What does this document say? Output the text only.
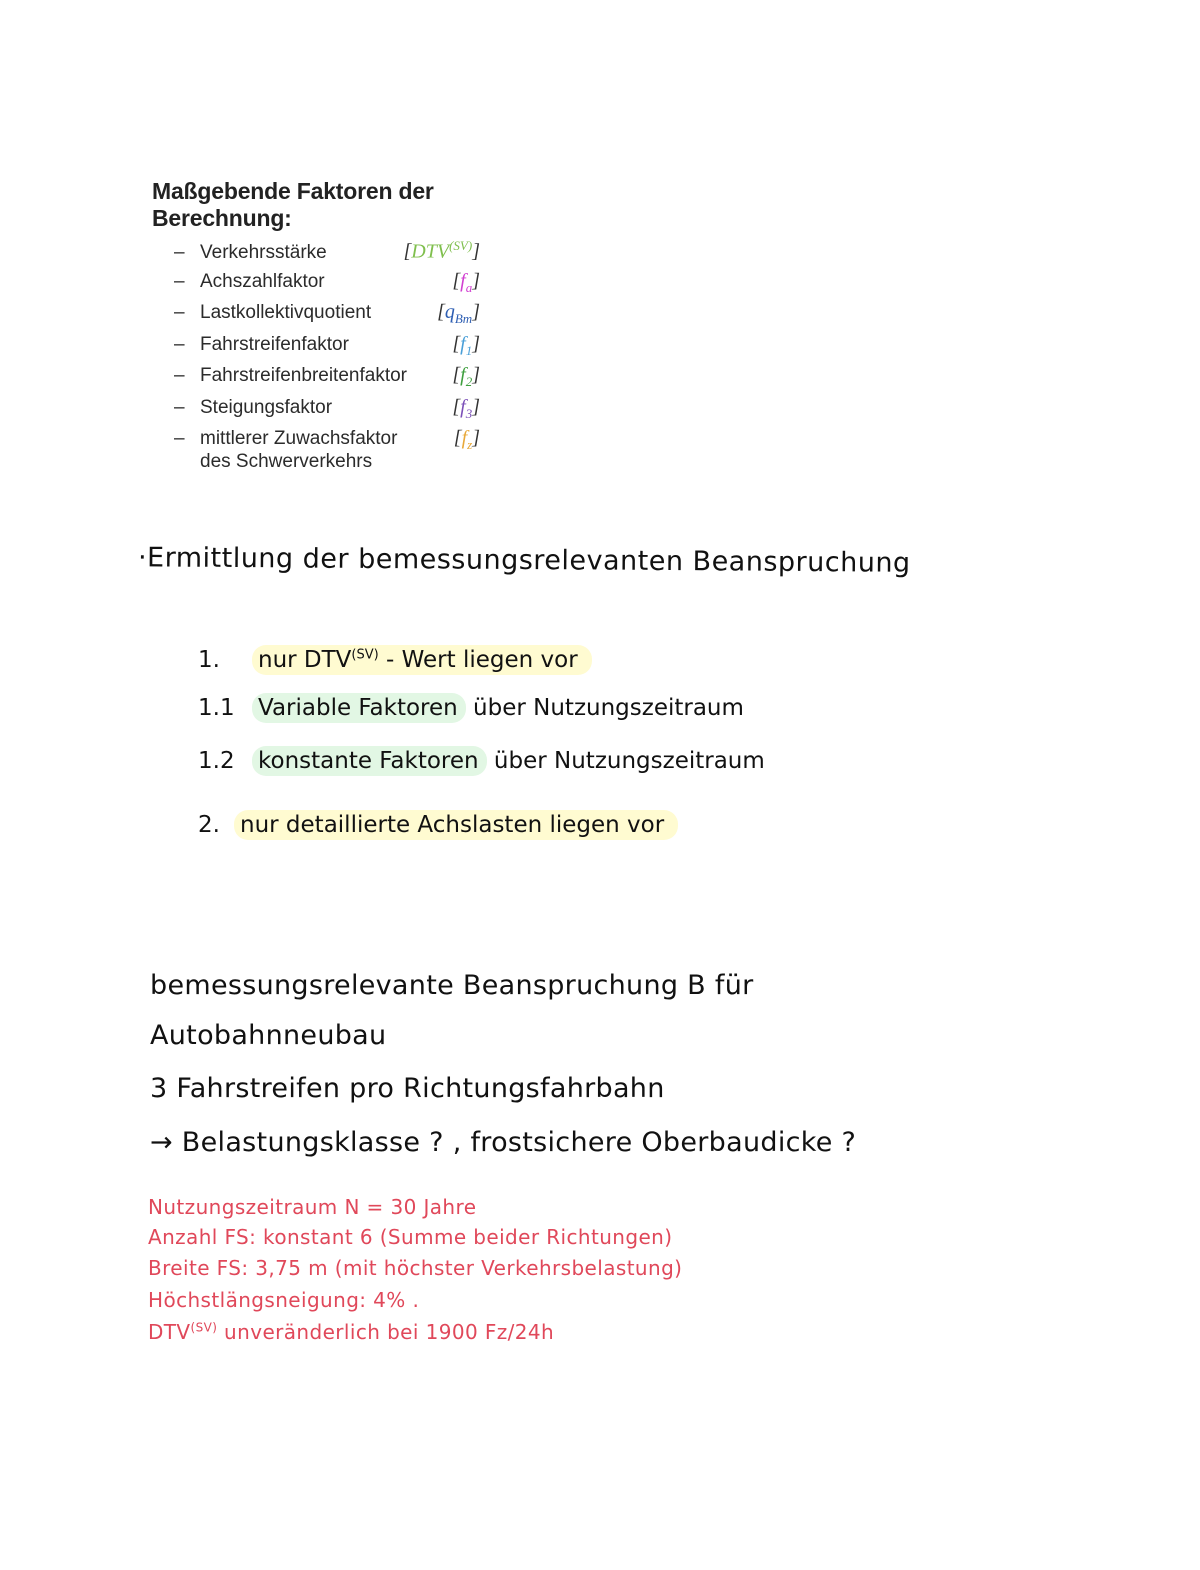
Maßgebende Faktoren der Berechnung:
– Verkehrsstärke	$[DTV^{(SV)}]$
– Achszahlfaktor	$[f_a]$
– Lastkollektivquotient	$[q_{Bm}]$
– Fahrstreifenfaktor	$[f_1]$
– Fahrstreifenbreitenfaktor $[f_2]$
– Steigungsfaktor	$[f_3]$
– mittlerer Zuwachsfaktor	$[f_z]$
des Schwerverkehrs
·Ermittlung der bemessungsrelevanten Beanspruchung
1. nur $DTV^{(SV)}$ - Wert liegen vor
1.1 Variable Faktoren über Nutzungszeitraum
1.2 konstante Faktoren über Nutzungszeitraum
2. nur detaillierte Achslasten liegen vor
bemessungsrelevante Beanspruchung B für
Autobahnneubau
3 Fahrstreifen pro Richtungsfahrbahn
→ Belastungsklasse ? , frostsichere Oberbaudicke ?
Nutzungszeitraum N = 30 Jahre
Anzahl FS: konstant 6 (Summe beider Richtungen)
Breite FS: 3,75 m (mit höchster Verkehrsbelastung)
Höchstlängsneigung: 4% .
$DTV^{(SV)}$ unveränderlich bei 1900 Fz/24h
